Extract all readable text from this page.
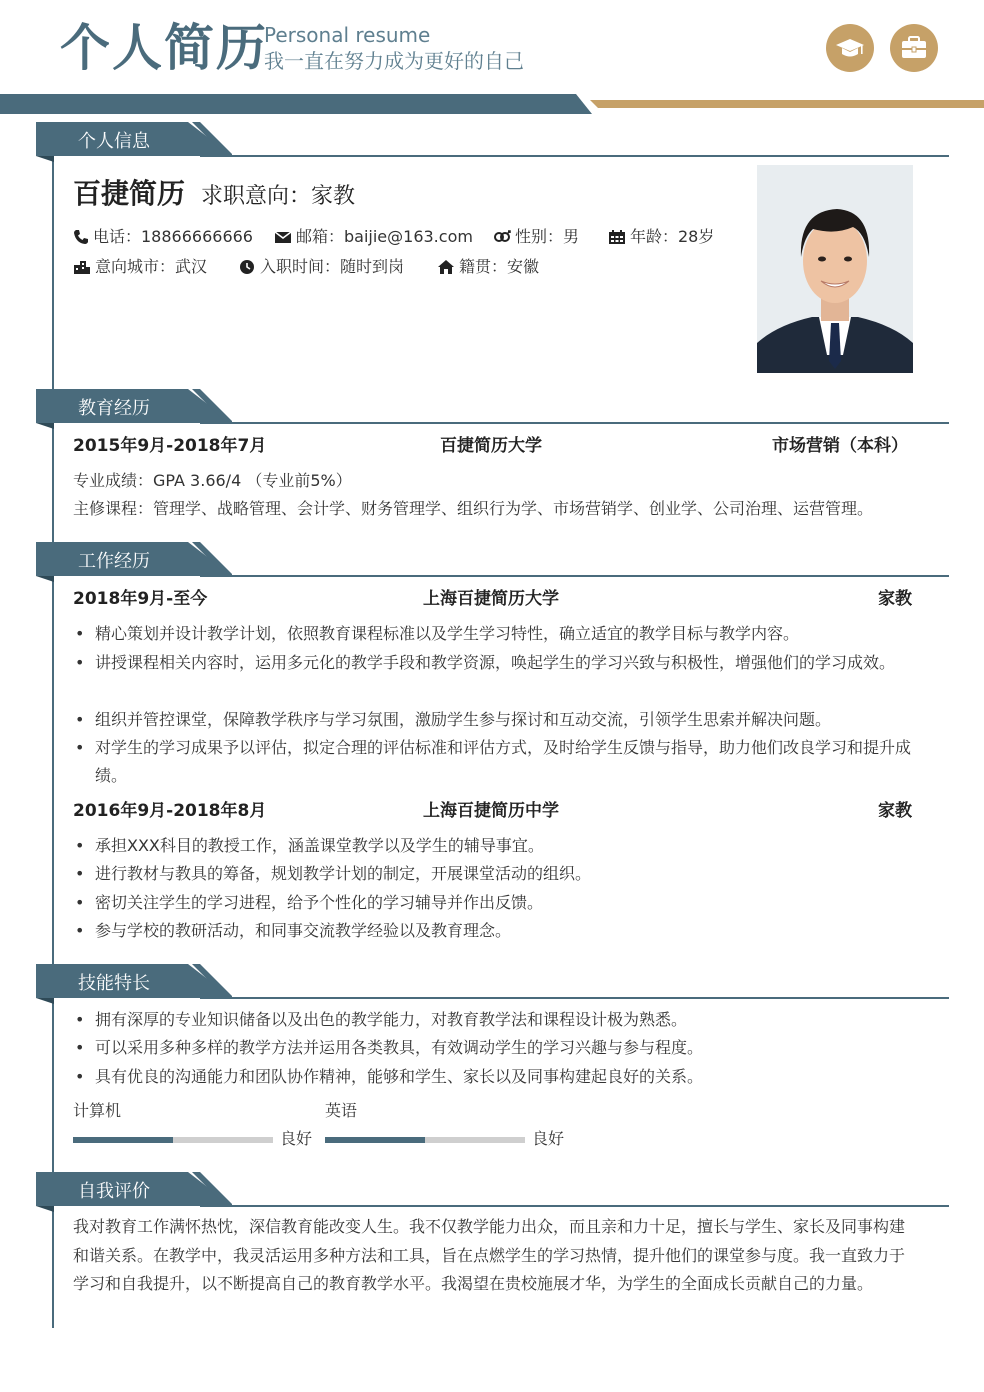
个人简历
Personal resume
我一直在努力成为更好的自己
个人信息
百捷简历 求职意向：家教
电话：18866666666	邮箱：baijie@163.com	性别：男	年龄：28岁
意向城市：武汉	入职时间：随时到岗	籍贯：安徽
教育经历
2015年9月-2018年7月	百捷简历大学	市场营销（本科）
专业成绩：GPA 3.66/4 （专业前5%）
主修课程：管理学、战略管理、会计学、财务管理学、组织行为学、市场营销学、创业学、公司治理、运营管理。
工作经历
2018年9月-至今	上海百捷简历大学	家教
• 精心策划并设计教学计划，依照教育课程标准以及学生学习特性，确立适宜的教学目标与教学内容。
• 讲授课程相关内容时，运用多元化的教学手段和教学资源，唤起学生的学习兴致与积极性，增强他们的学习成效。
• 组织并管控课堂，保障教学秩序与学习氛围，激励学生参与探讨和互动交流，引领学生思索并解决问题。
• 对学生的学习成果予以评估，拟定合理的评估标准和评估方式，及时给学生反馈与指导，助力他们改良学习和提升成绩。
2016年9月-2018年8月	上海百捷简历中学	家教
• 承担XXX科目的教授工作，涵盖课堂教学以及学生的辅导事宜。
• 进行教材与教具的筹备，规划教学计划的制定，开展课堂活动的组织。
• 密切关注学生的学习进程，给予个性化的学习辅导并作出反馈。
• 参与学校的教研活动，和同事交流教学经验以及教育理念。
技能特长
• 拥有深厚的专业知识储备以及出色的教学能力，对教育教学法和课程设计极为熟悉。
• 可以采用多种多样的教学方法并运用各类教具，有效调动学生的学习兴趣与参与程度。
• 具有优良的沟通能力和团队协作精神，能够和学生、家长以及同事构建起良好的关系。
计算机
良好
英语
良好
自我评价
我对教育工作满怀热忱，深信教育能改变人生。我不仅教学能力出众，而且亲和力十足，擅长与学生、家长及同事构建和谐关系。在教学中，我灵活运用多种方法和工具，旨在点燃学生的学习热情，提升他们的课堂参与度。我一直致力于学习和自我提升，以不断提高自己的教育教学水平。我渴望在贵校施展才华，为学生的全面成长贡献自己的力量。
